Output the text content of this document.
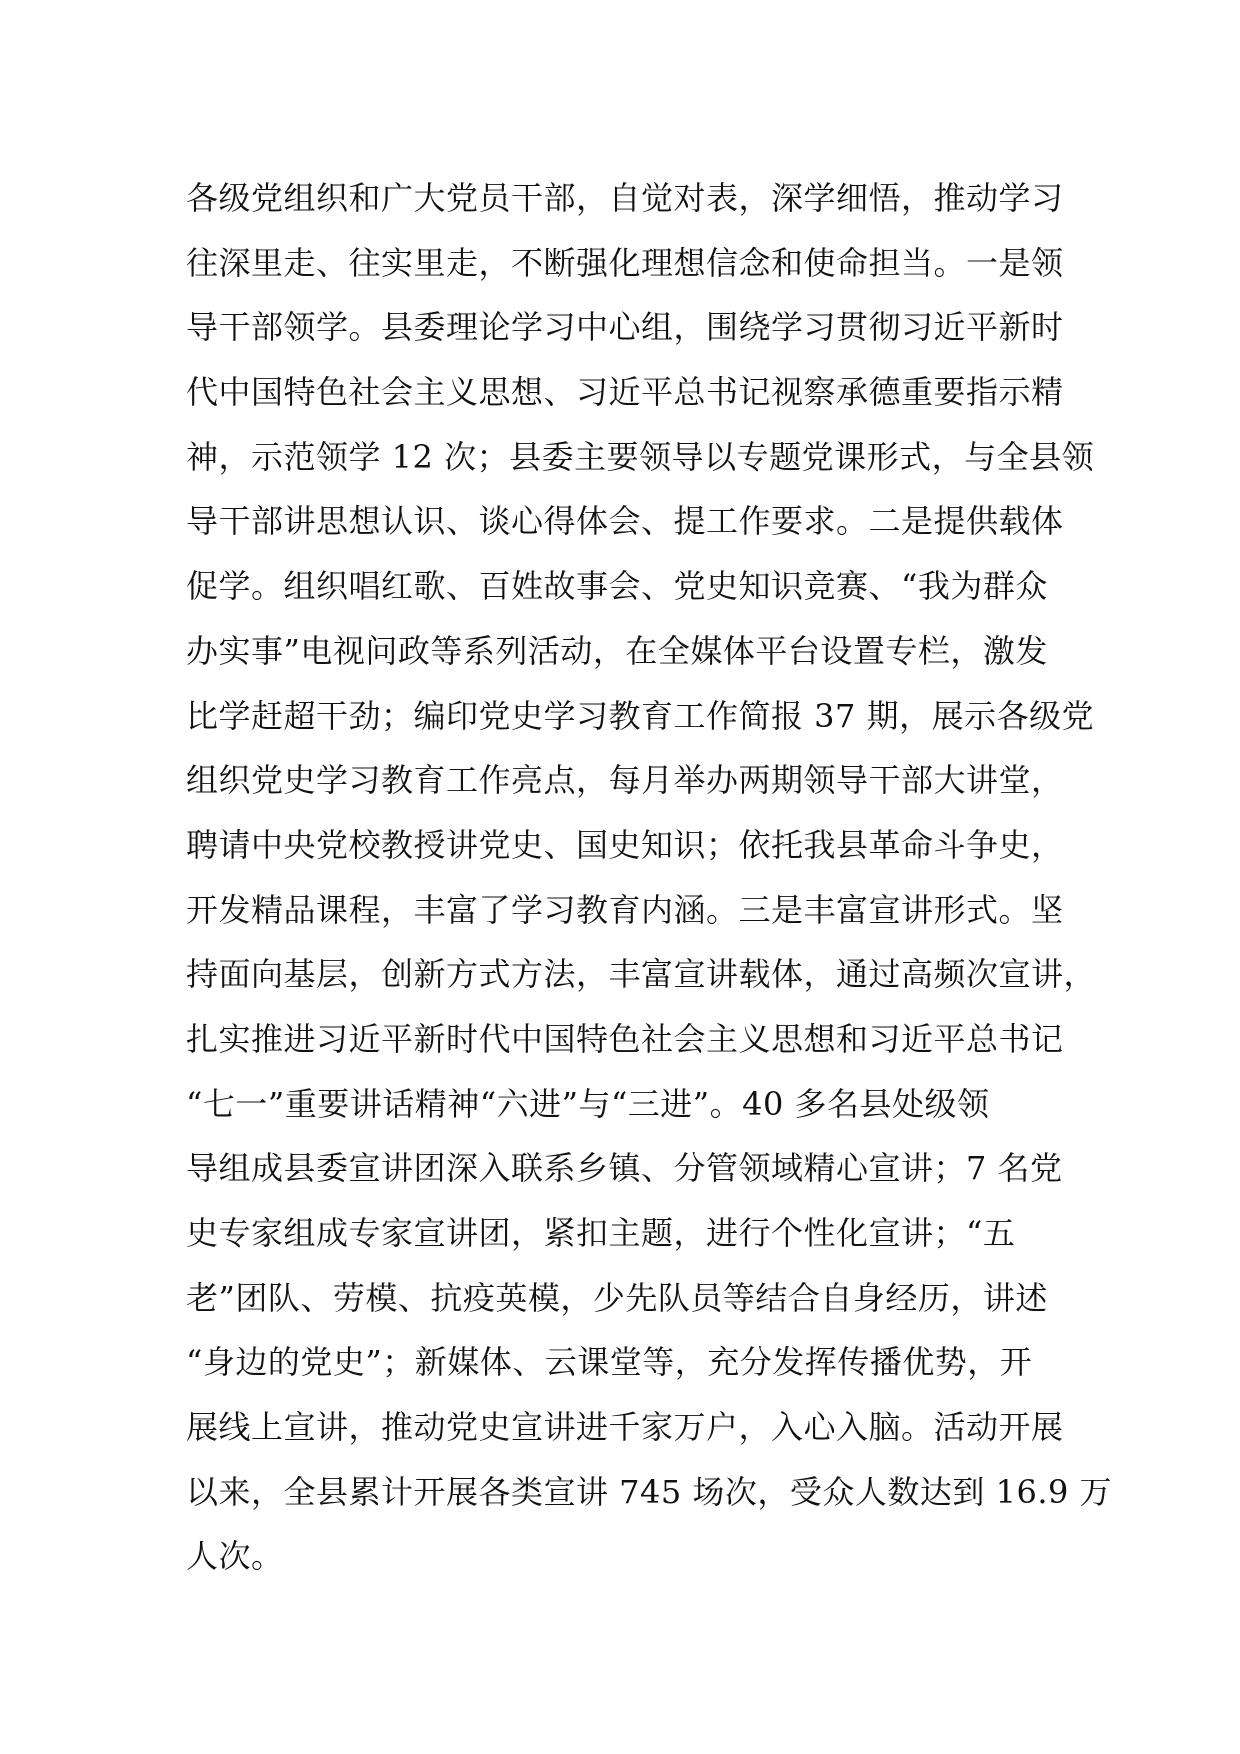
各级党组织和广大党员干部，自觉对表，深学细悟，推动学习
往深里走、往实里走，不断强化理想信念和使命担当。一是领
导干部领学。县委理论学习中心组，围绕学习贯彻习近平新时
代中国特色社会主义思想、习近平总书记视察承德重要指示精
神，示范领学 12 次；县委主要领导以专题党课形式，与全县领
导干部讲思想认识、谈心得体会、提工作要求。二是提供载体
促学。组织唱红歌、百姓故事会、党史知识竞赛、“我为群众
办实事”电视问政等系列活动，在全媒体平台设置专栏，激发
比学赶超干劲；编印党史学习教育工作简报 37 期，展示各级党
组织党史学习教育工作亮点，每月举办两期领导干部大讲堂，
聘请中央党校教授讲党史、国史知识；依托我县革命斗争史，
开发精品课程，丰富了学习教育内涵。三是丰富宣讲形式。坚
持面向基层，创新方式方法，丰富宣讲载体，通过高频次宣讲，
扎实推进习近平新时代中国特色社会主义思想和习近平总书记
“七一”重要讲话精神“六进”与“三进”。40 多名县处级领
导组成县委宣讲团深入联系乡镇、分管领域精心宣讲；7 名党
史专家组成专家宣讲团，紧扣主题，进行个性化宣讲；“五
老”团队、劳模、抗疫英模，少先队员等结合自身经历，讲述
“身边的党史”；新媒体、云课堂等，充分发挥传播优势，开
展线上宣讲，推动党史宣讲进千家万户，入心入脑。活动开展
以来，全县累计开展各类宣讲 745 场次，受众人数达到 16.9 万
人次。
